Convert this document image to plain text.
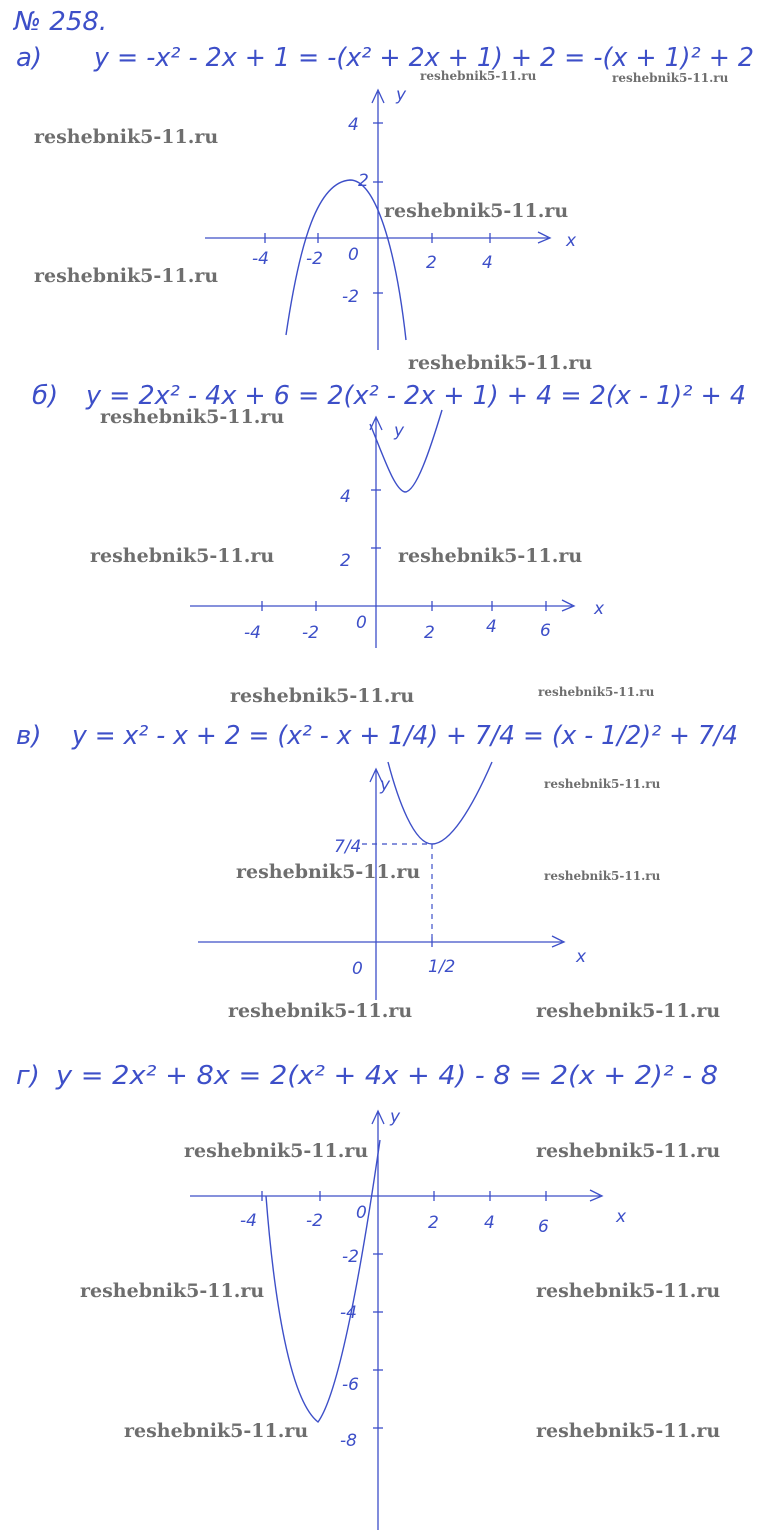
№ 258.
а) y = -x² - 2x + 1 = -(x² + 2x + 1) + 2 = -(x + 1)² + 2
x
y
-4 -2 0	2	4
4
2
-2
б) y = 2x² - 4x + 6 = 2(x² - 2x + 1) + 4 = 2(x - 1)² + 4
x
y
-4 -2 0	2	4	6
4
2
в) y = x² - x + 2 = (x² - x + 1/4) + 7/4 = (x - 1/2)² + 7/4
x
y
0	1/2
7/4
г) y = 2x² + 8x = 2(x² + 4x + 4) - 8 = 2(x + 2)² - 8
x
y
-4	-2 0	2	4	6
-2
-4
-6
-8
reshebnik5-11.ru	reshebnik5-11.ru
reshebnik5-11.ru
reshebnik5-11.ru
reshebnik5-11.ru
reshebnik5-11.ru
reshebnik5-11.ru
reshebnik5-11.ru	reshebnik5-11.ru
reshebnik5-11.ru	reshebnik5-11.ru
reshebnik5-11.ru
reshebnik5-11.ru	reshebnik5-11.ru
reshebnik5-11.ru	reshebnik5-11.ru
reshebnik5-11.ru	reshebnik5-11.ru
reshebnik5-11.ru	reshebnik5-11.ru
reshebnik5-11.ru	reshebnik5-11.ru
